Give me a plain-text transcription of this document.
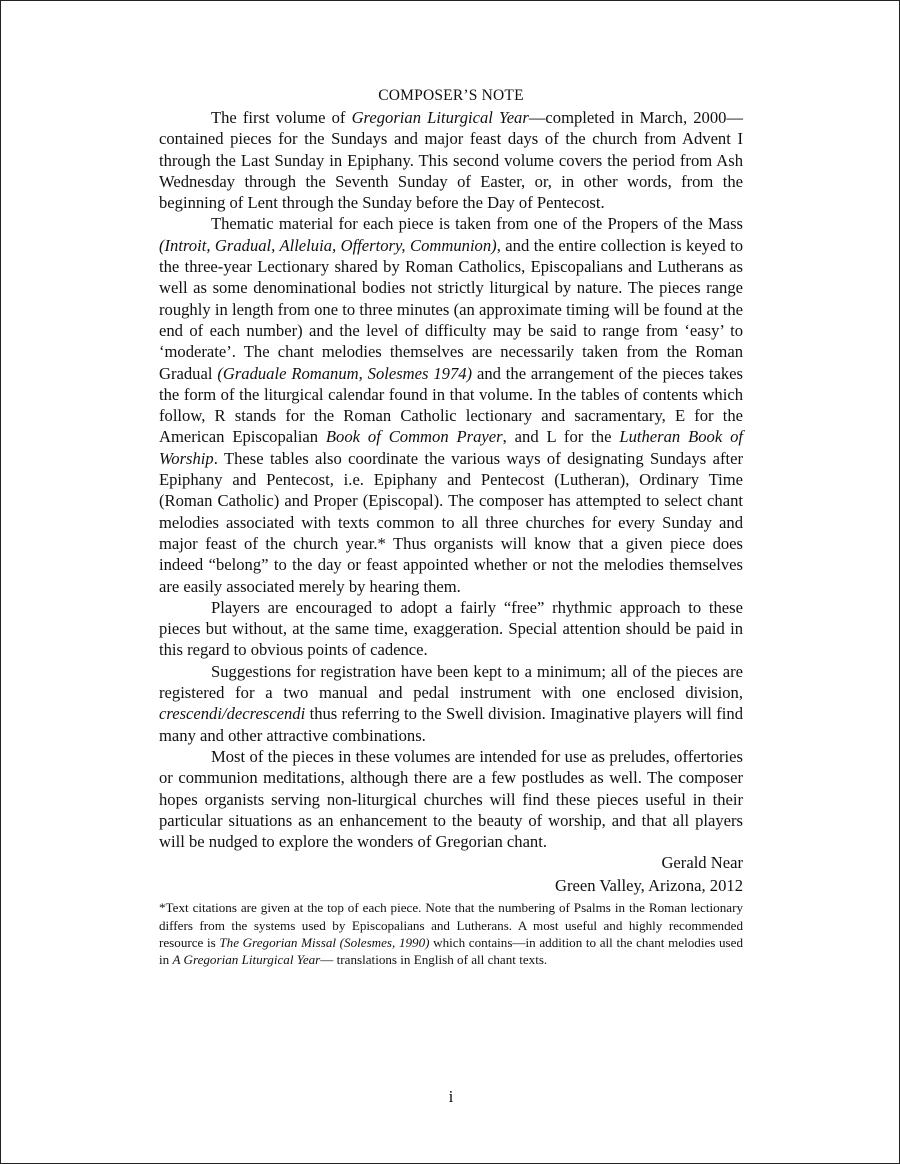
COMPOSER’S NOTE

The first volume of Gregorian Liturgical Year—completed in March, 2000—contained pieces for the Sundays and major feast days of the church from Advent I through the Last Sunday in Epiphany. This second volume covers the period from Ash Wednesday through the Seventh Sunday of Easter, or, in other words, from the beginning of Lent through the Sunday before the Day of Pentecost.

Thematic material for each piece is taken from one of the Propers of the Mass (Introit, Gradual, Alleluia, Offertory, Communion), and the entire collection is keyed to the three-year Lectionary shared by Roman Catholics, Episcopalians and Lutherans as well as some denominational bodies not strictly liturgical by nature. The pieces range roughly in length from one to three minutes (an approximate timing will be found at the end of each number) and the level of difficulty may be said to range from ‘easy’ to ‘moderate’. The chant melodies themselves are necessarily taken from the Roman Gradual (Graduale Romanum, Solesmes 1974) and the arrangement of the pieces takes the form of the liturgical calendar found in that volume. In the tables of contents which follow, R stands for the Roman Catholic lectionary and sacramentary, E for the American Episcopalian Book of Common Prayer, and L for the Lutheran Book of Worship. These tables also coordinate the various ways of designating Sundays after Epiphany and Pentecost, i.e. Epiphany and Pentecost (Lutheran), Ordinary Time (Roman Catholic) and Proper (Episcopal). The composer has attempted to select chant melodies associated with texts common to all three churches for every Sunday and major feast of the church year.* Thus organists will know that a given piece does indeed “belong” to the day or feast appointed whether or not the melodies themselves are easily associated merely by hearing them.

Players are encouraged to adopt a fairly “free” rhythmic approach to these pieces but without, at the same time, exaggeration. Special attention should be paid in this regard to obvious points of cadence.

Suggestions for registration have been kept to a minimum; all of the pieces are registered for a two manual and pedal instrument with one enclosed division, crescendi/decrescendi thus referring to the Swell division. Imaginative players will find many and other attractive combinations.

Most of the pieces in these volumes are intended for use as preludes, offertories or communion meditations, although there are a few postludes as well. The composer hopes organists serving non-liturgical churches will find these pieces useful in their particular situations as an enhancement to the beauty of worship, and that all players will be nudged to explore the wonders of Gregorian chant.

Gerald Near

Green Valley, Arizona, 2012

*Text citations are given at the top of each piece. Note that the numbering of Psalms in the Roman lectionary differs from the systems used by Episcopalians and Lutherans. A most useful and highly recommended resource is The Gregorian Missal (Solesmes, 1990) which contains—in addition to all the chant melodies used in A Gregorian Liturgical Year— translations in English of all chant texts.

i
